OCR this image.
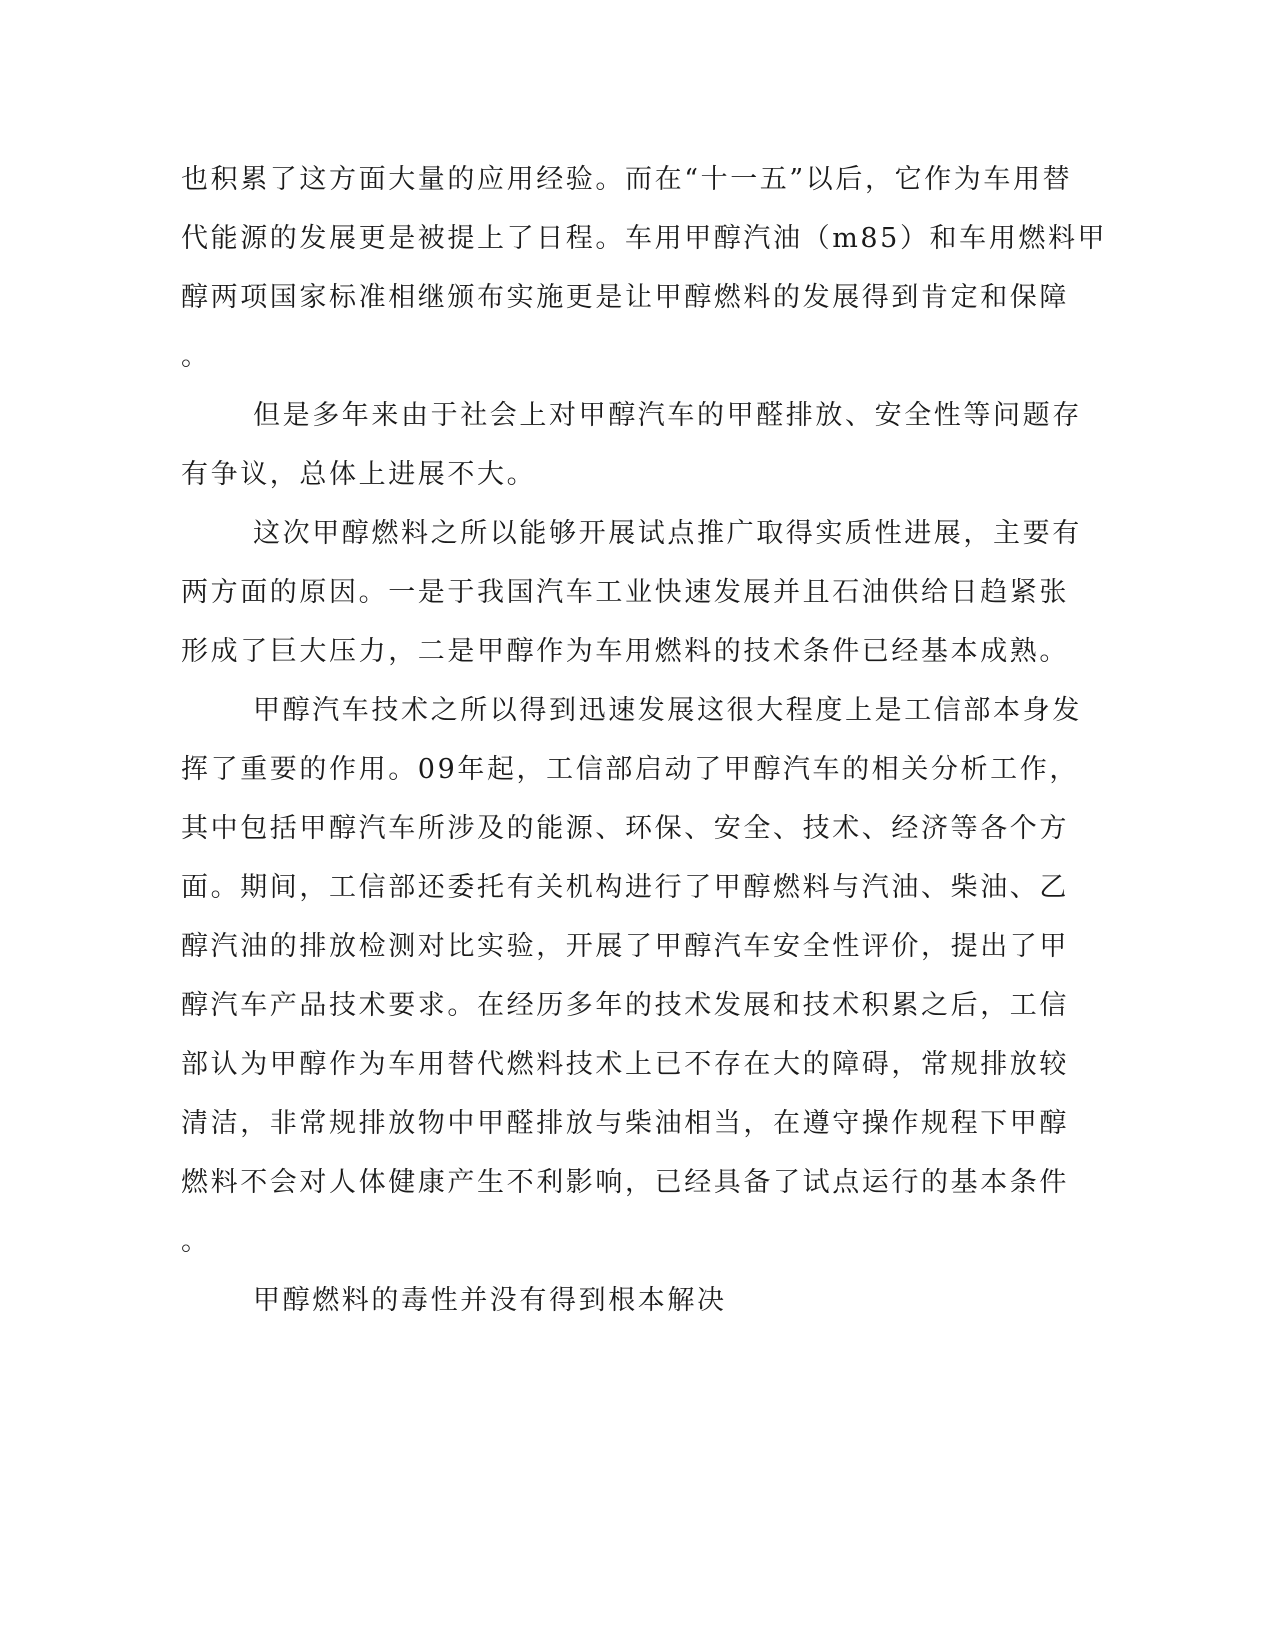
也积累了这方面大量的应用经验。而在“十一五”以后，它作为车用替

代能源的发展更是被提上了日程。车用甲醇汽油（m85）和车用燃料甲

醇两项国家标准相继颁布实施更是让甲醇燃料的发展得到肯定和保障

。

但是多年来由于社会上对甲醇汽车的甲醛排放、安全性等问题存

有争议，总体上进展不大。

这次甲醇燃料之所以能够开展试点推广取得实质性进展，主要有

两方面的原因。一是于我国汽车工业快速发展并且石油供给日趋紧张

形成了巨大压力，二是甲醇作为车用燃料的技术条件已经基本成熟。

甲醇汽车技术之所以得到迅速发展这很大程度上是工信部本身发

挥了重要的作用。09年起，工信部启动了甲醇汽车的相关分析工作，

其中包括甲醇汽车所涉及的能源、环保、安全、技术、经济等各个方

面。期间，工信部还委托有关机构进行了甲醇燃料与汽油、柴油、乙

醇汽油的排放检测对比实验，开展了甲醇汽车安全性评价，提出了甲

醇汽车产品技术要求。在经历多年的技术发展和技术积累之后，工信

部认为甲醇作为车用替代燃料技术上已不存在大的障碍，常规排放较

清洁，非常规排放物中甲醛排放与柴油相当，在遵守操作规程下甲醇

燃料不会对人体健康产生不利影响，已经具备了试点运行的基本条件

。

甲醇燃料的毒性并没有得到根本解决
